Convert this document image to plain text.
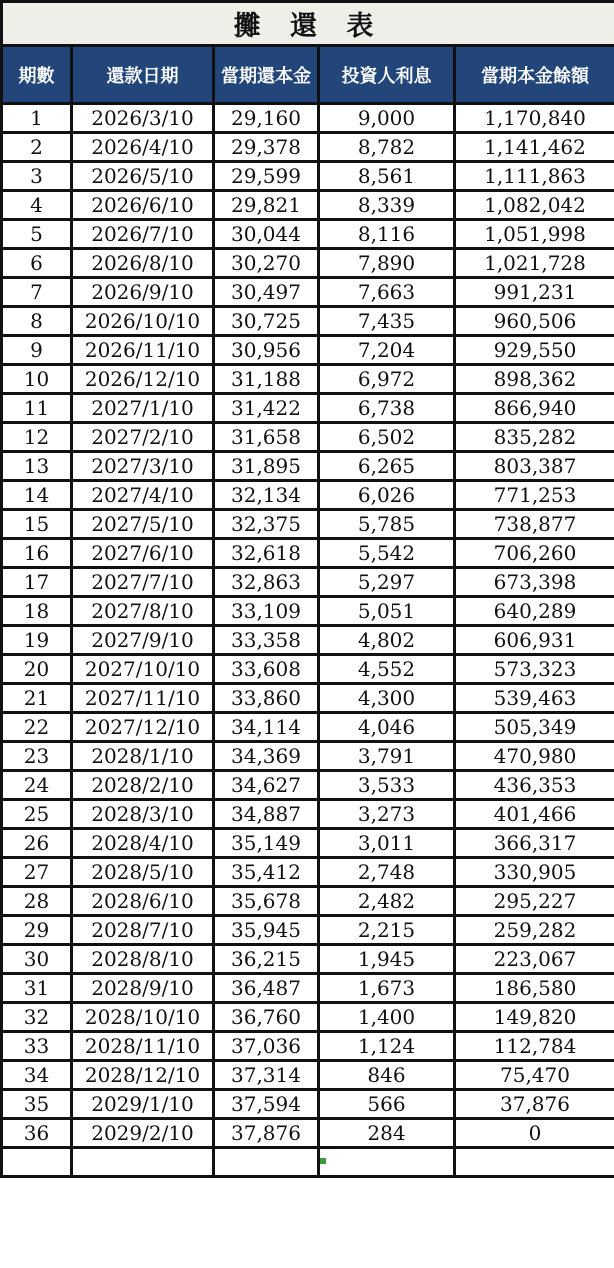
攤 還 表				
期數	還款日期	當期還本金	投資人利息	當期本金餘額
1	2026/3/10	29,160	9,000	1,170,840
2	2026/4/10	29,378	8,782	1,141,462
3	2026/5/10	29,599	8,561	1,111,863
4	2026/6/10	29,821	8,339	1,082,042
5	2026/7/10	30,044	8,116	1,051,998
6	2026/8/10	30,270	7,890	1,021,728
7	2026/9/10	30,497	7,663	991,231
8	2026/10/10	30,725	7,435	960,506
9	2026/11/10	30,956	7,204	929,550
10	2026/12/10	31,188	6,972	898,362
11	2027/1/10	31,422	6,738	866,940
12	2027/2/10	31,658	6,502	835,282
13	2027/3/10	31,895	6,265	803,387
14	2027/4/10	32,134	6,026	771,253
15	2027/5/10	32,375	5,785	738,877
16	2027/6/10	32,618	5,542	706,260
17	2027/7/10	32,863	5,297	673,398
18	2027/8/10	33,109	5,051	640,289
19	2027/9/10	33,358	4,802	606,931
20	2027/10/10	33,608	4,552	573,323
21	2027/11/10	33,860	4,300	539,463
22	2027/12/10	34,114	4,046	505,349
23	2028/1/10	34,369	3,791	470,980
24	2028/2/10	34,627	3,533	436,353
25	2028/3/10	34,887	3,273	401,466
26	2028/4/10	35,149	3,011	366,317
27	2028/5/10	35,412	2,748	330,905
28	2028/6/10	35,678	2,482	295,227
29	2028/7/10	35,945	2,215	259,282
30	2028/8/10	36,215	1,945	223,067
31	2028/9/10	36,487	1,673	186,580
32	2028/10/10	36,760	1,400	149,820
33	2028/11/10	37,036	1,124	112,784
34	2028/12/10	37,314	846	75,470
35	2029/1/10	37,594	566	37,876
36	2029/2/10	37,876	284	0
